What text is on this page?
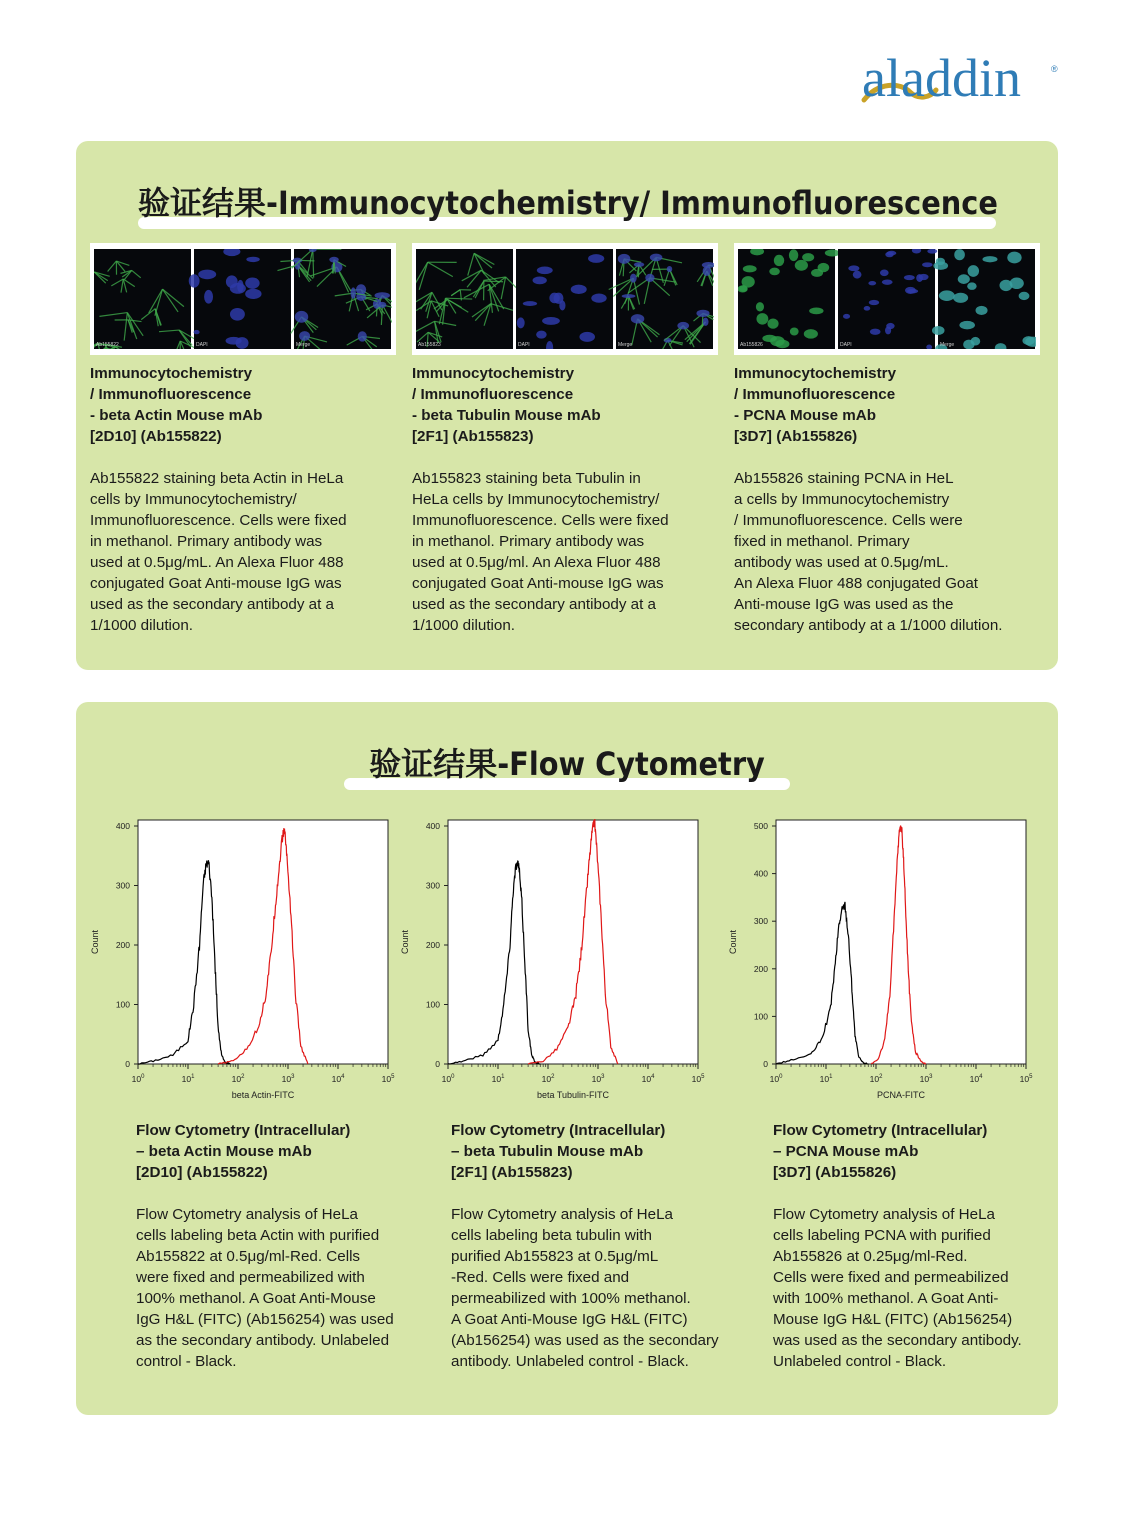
aladdin	®
验证结果-Immunocytochemistry/ Immunofluorescence
Ab155822	DAPI	Merge	Ab155823	DAPI	Merge	Ab155826	DAPI	Merge
Immunocytochemistry
/ Immunofluorescence
- beta Actin Mouse mAb
[2D10] (Ab155822)
Ab155822 staining beta Actin in HeLa
cells by Immunocytochemistry/
Immunofluorescence. Cells were fixed
in methanol. Primary antibody was
used at 0.5μg/mL. An Alexa Fluor 488
conjugated Goat Anti-mouse IgG was
used as the secondary antibody at a
1/1000 dilution.
Immunocytochemistry
/ Immunofluorescence
- beta Tubulin Mouse mAb
[2F1] (Ab155823)
Ab155823 staining beta Tubulin in
HeLa cells by Immunocytochemistry/
Immunofluorescence. Cells were fixed
in methanol. Primary antibody was
used at 0.5μg/ml. An Alexa Fluor 488
conjugated Goat Anti-mouse IgG was
used as the secondary antibody at a
1/1000 dilution.
Immunocytochemistry
/ Immunofluorescence
- PCNA Mouse mAb
[3D7] (Ab155826)
Ab155826 staining PCNA in HeL
a cells by Immunocytochemistry
/ Immunofluorescence. Cells were
fixed in methanol. Primary
antibody was used at 0.5μg/mL.
An Alexa Fluor 488 conjugated Goat
Anti-mouse IgG was used as the
secondary antibody at a 1/1000 dilution.
验证结果-Flow Cytometry
0
100
200
300
400
$10^0$	$10^1$	$10^2$	$10^3$	$10^4$	$10^5$
beta Actin-FITC
Count
0
100
200
300
400
$10^0$	$10^1$	$10^2$	$10^3$	$10^4$	$10^5$
beta Tubulin-FITC
Count
0
100
200
300
400
500
$10^0$	$10^1$	$10^2$	$10^3$	$10^4$	$10^5$
PCNA-FITC
Count
Flow Cytometry (Intracellular)
– beta Actin Mouse mAb
[2D10] (Ab155822)
Flow Cytometry analysis of HeLa
cells labeling beta Actin with purified
Ab155822 at 0.5μg/ml-Red. Cells
were fixed and permeabilized with
100% methanol. A Goat Anti-Mouse
IgG H&L (FITC) (Ab156254) was used
as the secondary antibody. Unlabeled
control - Black.
Flow Cytometry (Intracellular)
– beta Tubulin Mouse mAb
[2F1] (Ab155823)
Flow Cytometry analysis of HeLa
cells labeling beta tubulin with
purified Ab155823 at 0.5μg/mL
-Red. Cells were fixed and
permeabilized with 100% methanol.
A Goat Anti-Mouse IgG H&L (FITC)
(Ab156254) was used as the secondary
antibody. Unlabeled control - Black.
Flow Cytometry (Intracellular)
– PCNA Mouse mAb
[3D7] (Ab155826)
Flow Cytometry analysis of HeLa
cells labeling PCNA with purified
Ab155826 at 0.25μg/ml-Red.
Cells were fixed and permeabilized
with 100% methanol. A Goat Anti-
Mouse IgG H&L (FITC) (Ab156254)
was used as the secondary antibody.
Unlabeled control - Black.
